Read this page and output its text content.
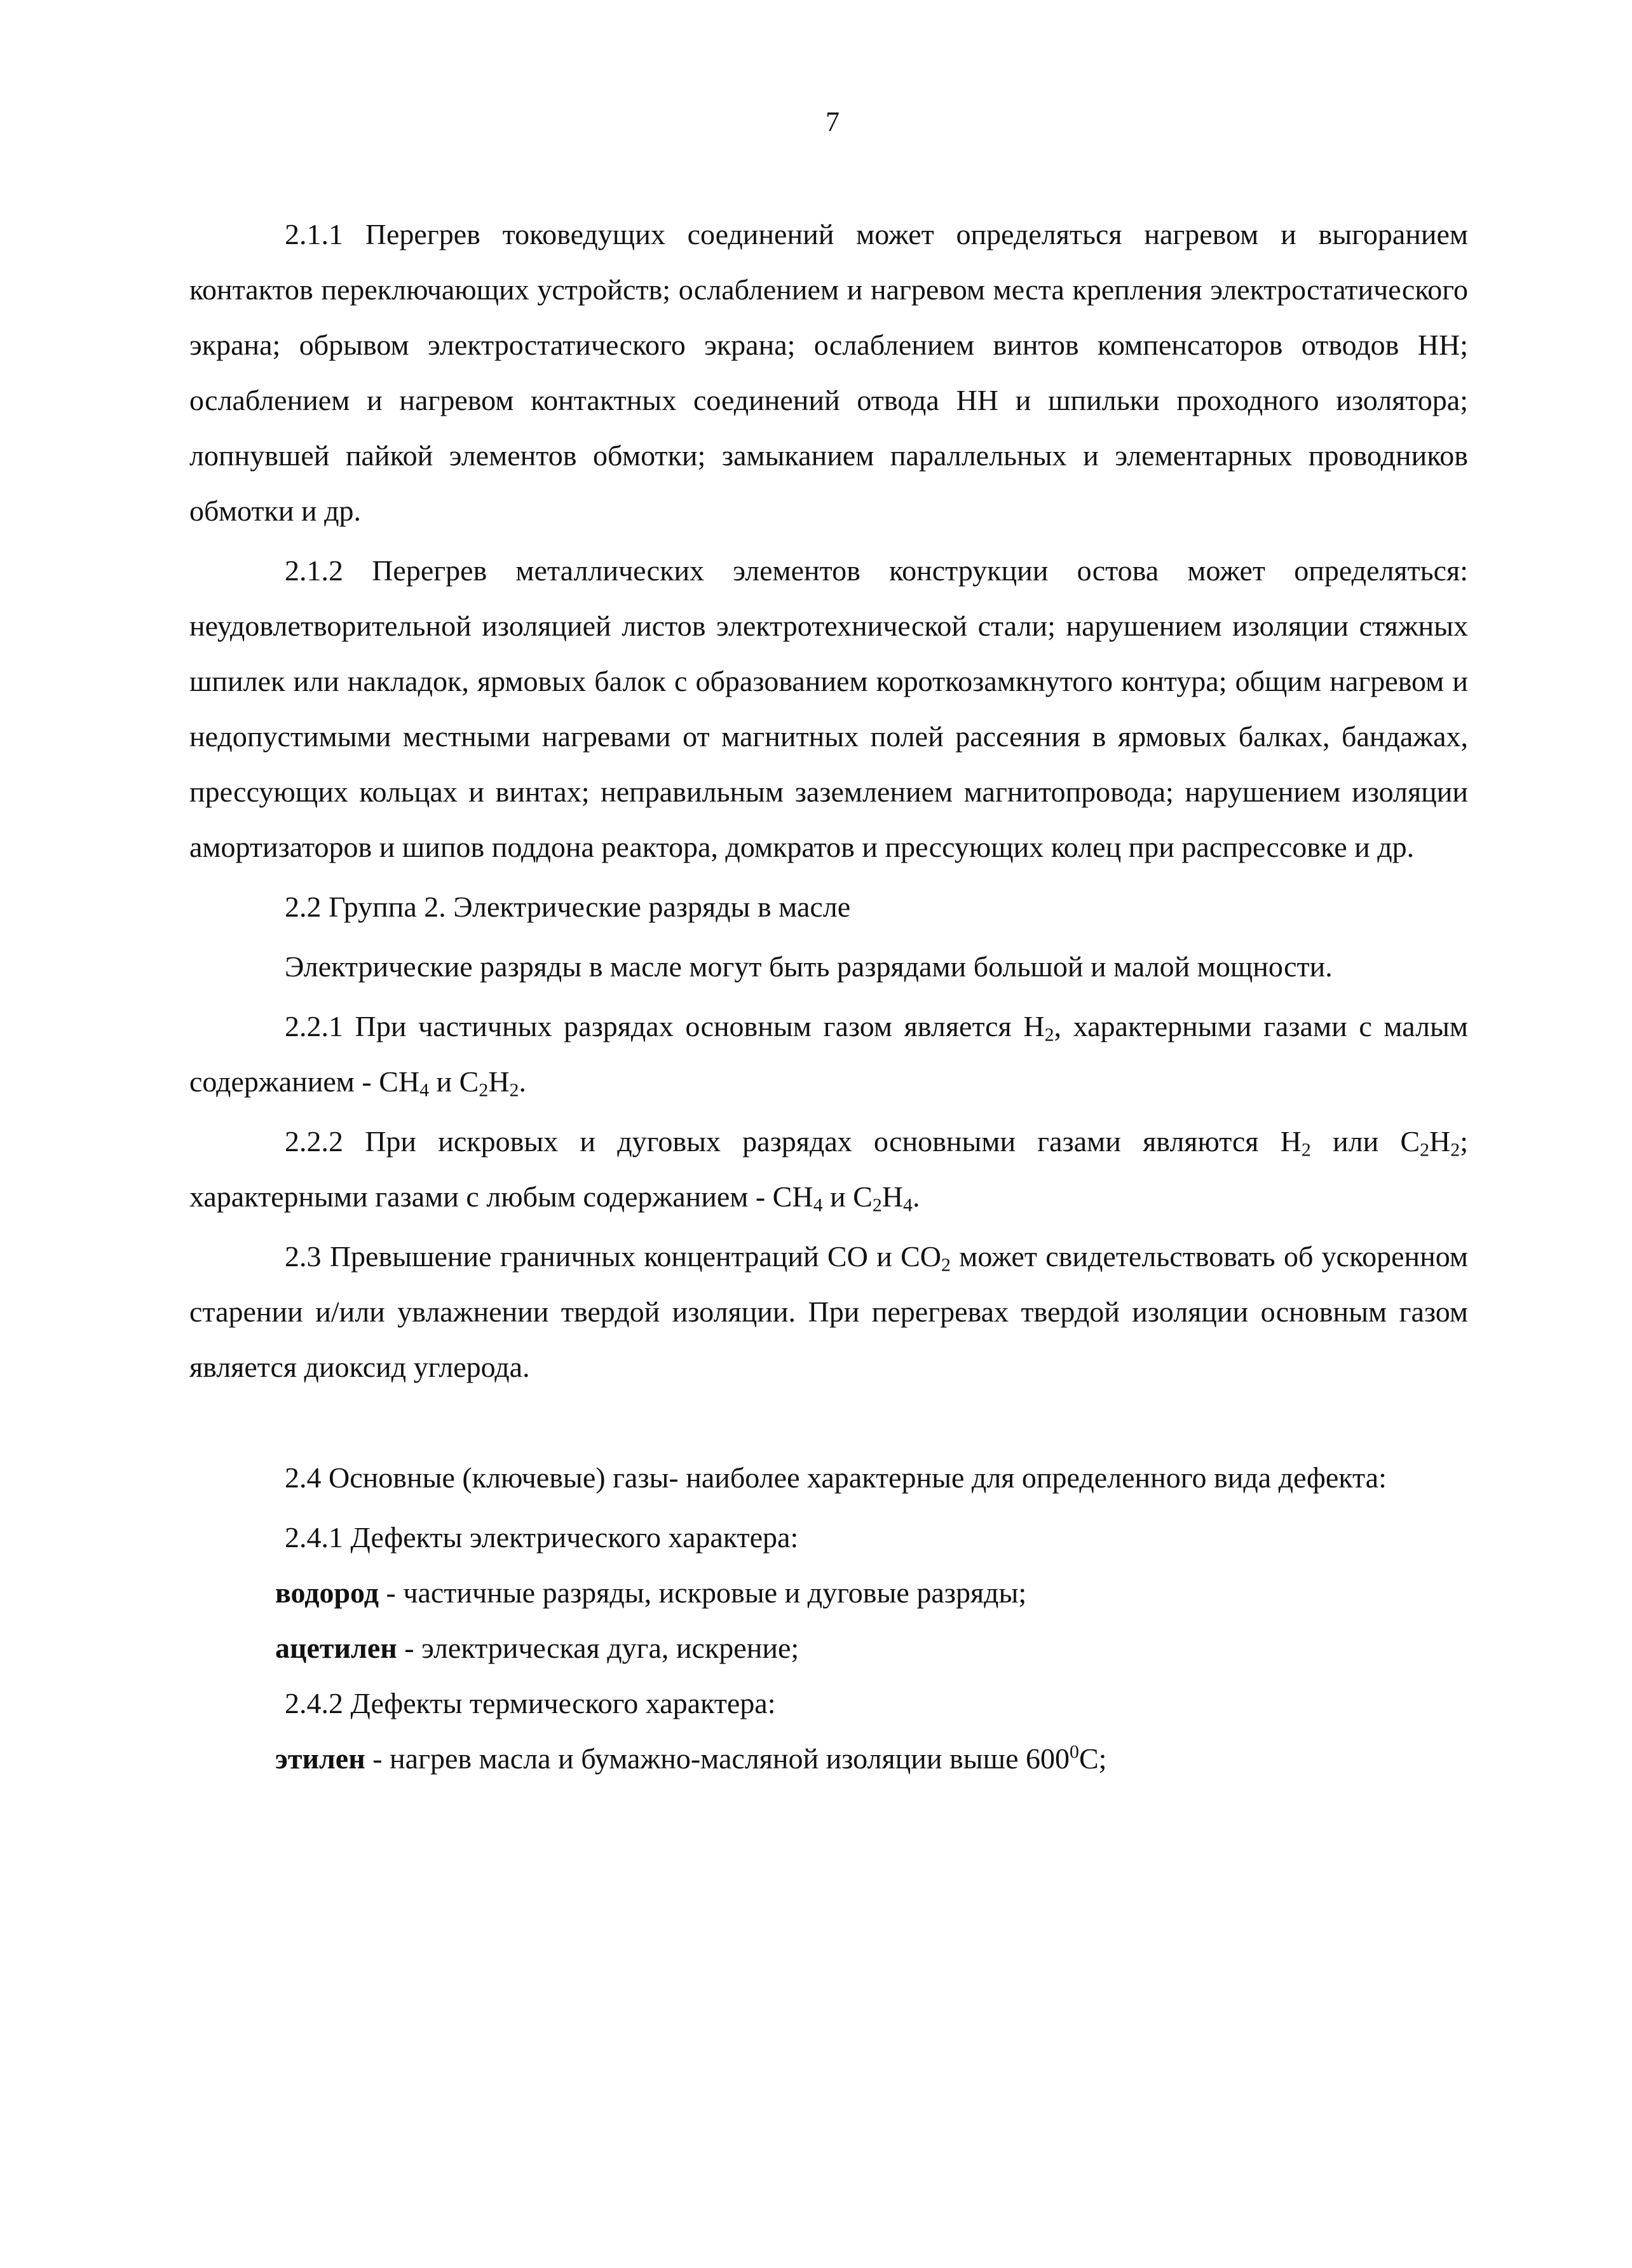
7

2.1.1 Перегрев токоведущих соединений может определяться нагревом и выгоранием контактов переключающих устройств; ослаблением и нагревом места крепления электростатического экрана; обрывом электростатического экрана; ослаблением винтов компенсаторов отводов НН; ослаблением и нагревом контактных соединений отвода НН и шпильки проходного изолятора; лопнувшей пайкой элементов обмотки; замыканием параллельных и элементарных проводников обмотки и др.

2.1.2 Перегрев металлических элементов конструкции остова может определяться: неудовлетворительной изоляцией листов электротехнической стали; нарушением изоляции стяжных шпилек или накладок, ярмовых балок с образованием короткозамкнутого контура; общим нагревом и недопустимыми местными нагревами от магнитных полей рассеяния в ярмовых балках, бандажах, прессующих кольцах и винтах; неправильным заземлением магнитопровода; нарушением изоляции амортизаторов и шипов поддона реактора, домкратов и прессующих колец при распрессовке и др.

2.2 Группа 2. Электрические разряды в масле

Электрические разряды в масле могут быть разрядами большой и малой мощности.

2.2.1 При частичных разрядах основным газом является $H_2$, характерными газами с малым содержанием - $CH_4$ и $C_2H_2$.

2.2.2 При искровых и дуговых разрядах основными газами являются $H_2$ или $C_2H_2$; характерными газами с любым содержанием - $CH_4$ и $C_2H_4$.

2.3 Превышение граничных концентраций CO и $CO_2$ может свидетельствовать об ускоренном старении и/или увлажнении твердой изоляции. При перегревах твердой изоляции основным газом является диоксид углерода.

2.4 Основные (ключевые) газы- наиболее характерные для определенного вида дефекта:

2.4.1 Дефекты электрического характера:

водород - частичные разряды, искровые и дуговые разряды;

ацетилен - электрическая дуга, искрение;

2.4.2 Дефекты термического характера:

этилен - нагрев масла и бумажно-масляной изоляции выше $600^0С$;
